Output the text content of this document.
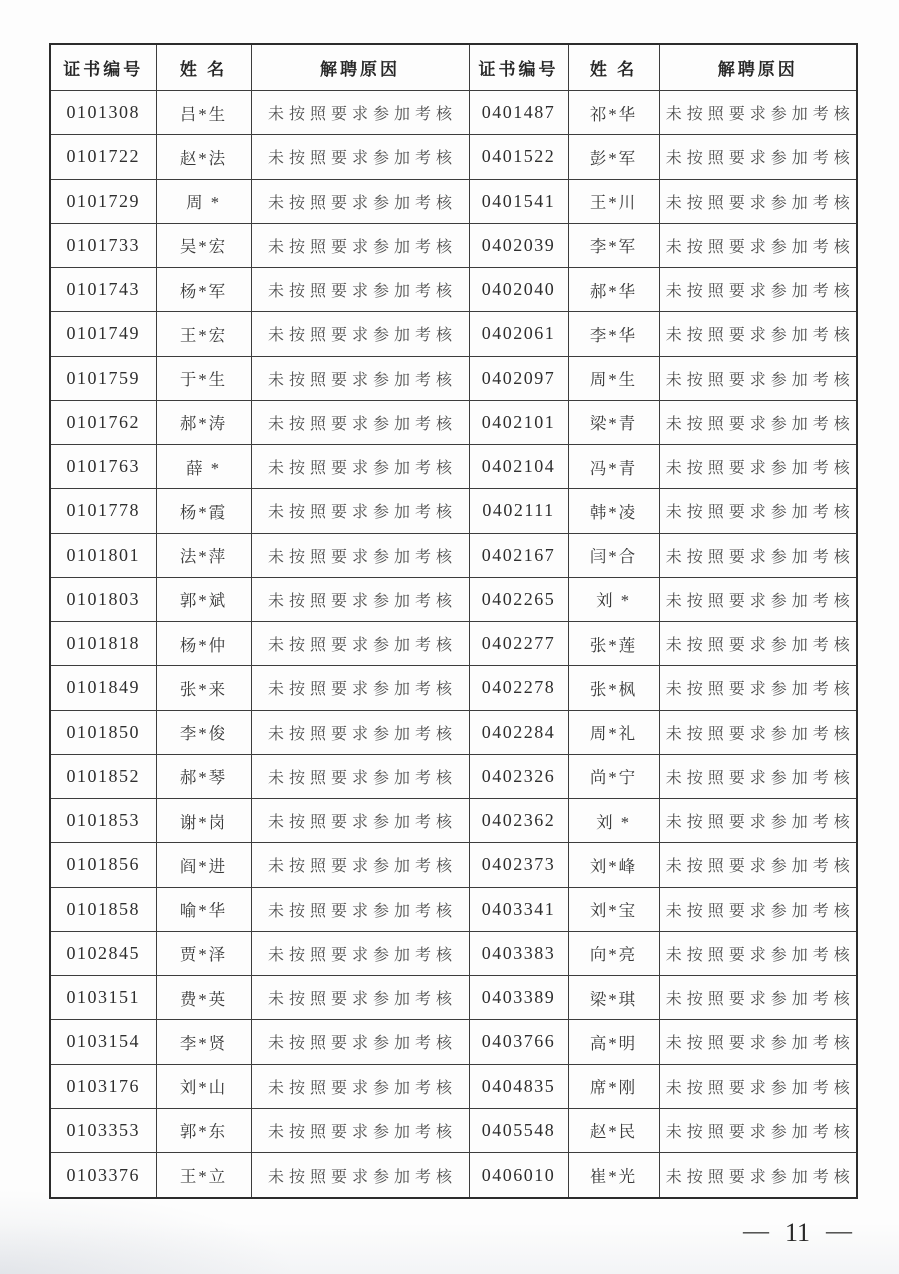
证书编号	姓 名	解聘原因	证书编号	姓 名	解聘原因
0101308	吕*生	未按照要求参加考核	0401487	祁*华	未按照要求参加考核
0101722	赵*法	未按照要求参加考核	0401522	彭*军	未按照要求参加考核
0101729	周 *	未按照要求参加考核	0401541	王*川	未按照要求参加考核
0101733	吴*宏	未按照要求参加考核	0402039	李*军	未按照要求参加考核
0101743	杨*军	未按照要求参加考核	0402040	郝*华	未按照要求参加考核
0101749	王*宏	未按照要求参加考核	0402061	李*华	未按照要求参加考核
0101759	于*生	未按照要求参加考核	0402097	周*生	未按照要求参加考核
0101762	郝*涛	未按照要求参加考核	0402101	梁*青	未按照要求参加考核
0101763	薛 *	未按照要求参加考核	0402104	冯*青	未按照要求参加考核
0101778	杨*霞	未按照要求参加考核	0402111	韩*凌	未按照要求参加考核
0101801	法*萍	未按照要求参加考核	0402167	闫*合	未按照要求参加考核
0101803	郭*斌	未按照要求参加考核	0402265	刘 *	未按照要求参加考核
0101818	杨*仲	未按照要求参加考核	0402277	张*莲	未按照要求参加考核
0101849	张*来	未按照要求参加考核	0402278	张*枫	未按照要求参加考核
0101850	李*俊	未按照要求参加考核	0402284	周*礼	未按照要求参加考核
0101852	郝*琴	未按照要求参加考核	0402326	尚*宁	未按照要求参加考核
0101853	谢*岗	未按照要求参加考核	0402362	刘 *	未按照要求参加考核
0101856	阎*进	未按照要求参加考核	0402373	刘*峰	未按照要求参加考核
0101858	喻*华	未按照要求参加考核	0403341	刘*宝	未按照要求参加考核
0102845	贾*泽	未按照要求参加考核	0403383	向*亮	未按照要求参加考核
0103151	费*英	未按照要求参加考核	0403389	梁*琪	未按照要求参加考核
0103154	李*贤	未按照要求参加考核	0403766	高*明	未按照要求参加考核
0103176	刘*山	未按照要求参加考核	0404835	席*刚	未按照要求参加考核
0103353	郭*东	未按照要求参加考核	0405548	赵*民	未按照要求参加考核
0103376	王*立	未按照要求参加考核	0406010	崔*光	未按照要求参加考核
— 11 —
